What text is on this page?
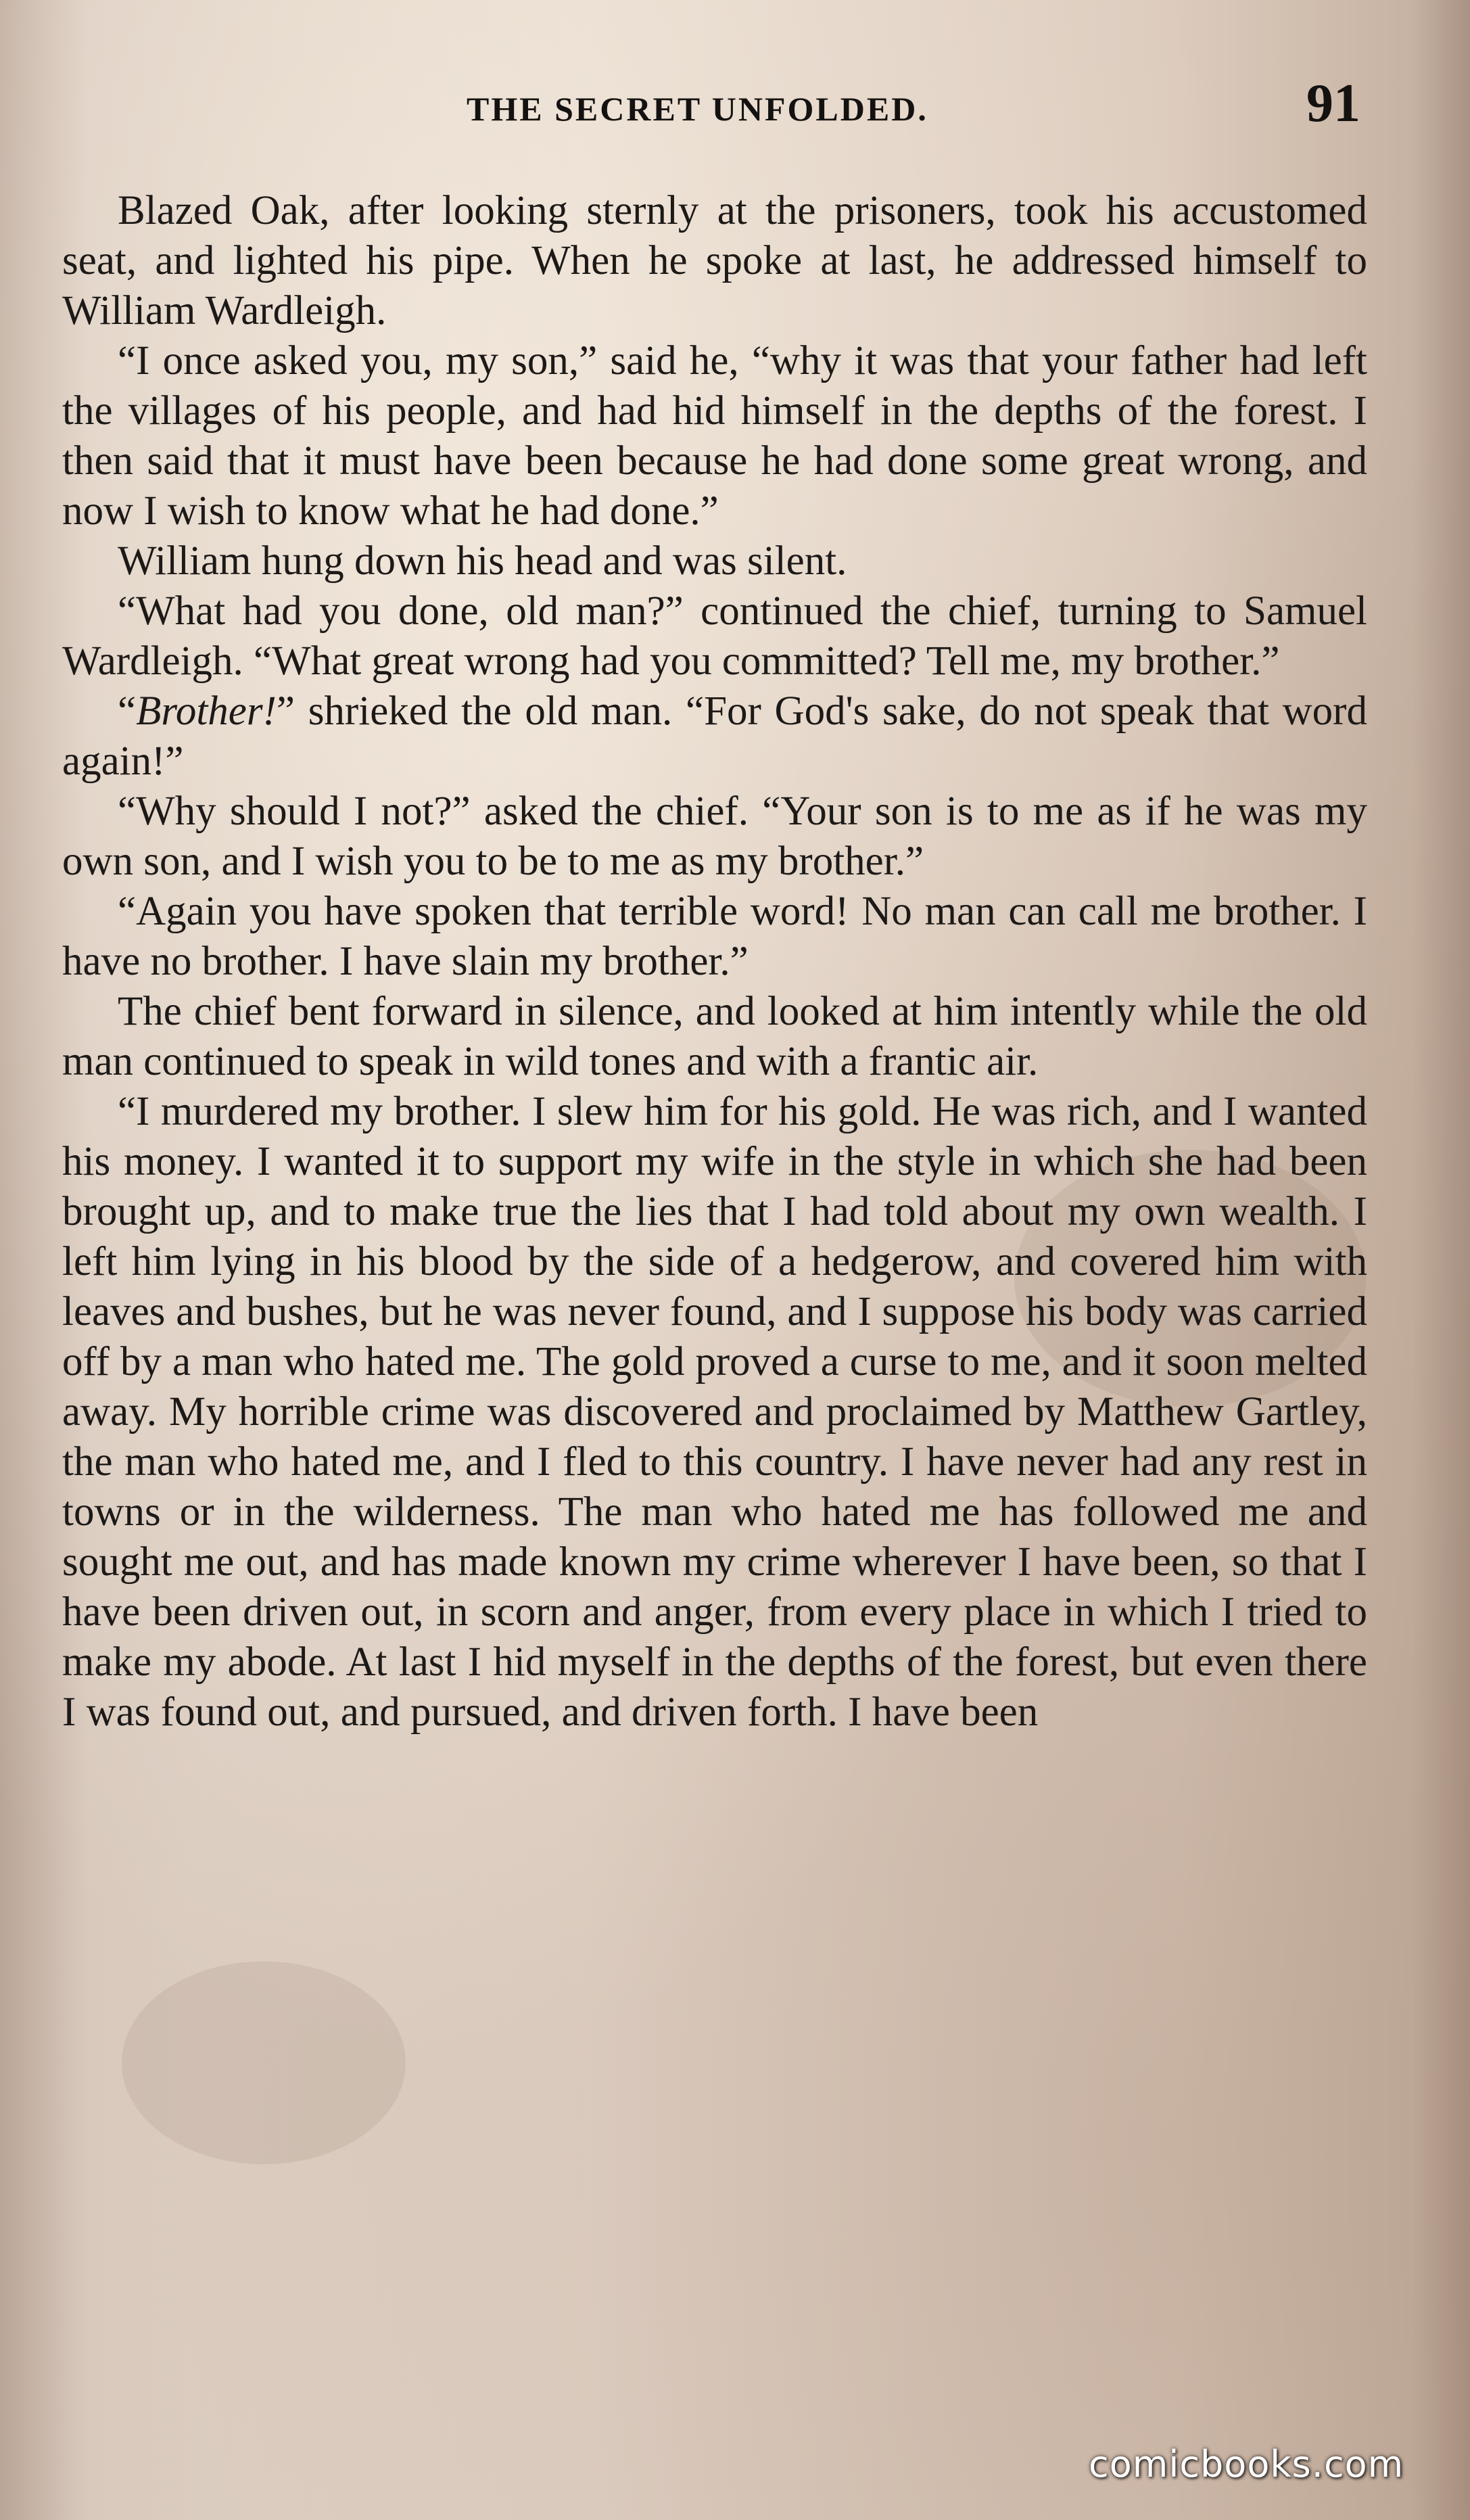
THE SECRET UNFOLDED.	91

Blazed Oak, after looking sternly at the prisoners, took his accustomed seat, and lighted his pipe. When he spoke at last, he addressed himself to William Wardleigh.

“I once asked you, my son,” said he, “why it was that your father had left the villages of his people, and had hid himself in the depths of the forest. I then said that it must have been because he had done some great wrong, and now I wish to know what he had done.”

William hung down his head and was silent.

“What had you done, old man?” continued the chief, turning to Samuel Wardleigh. “What great wrong had you committed? Tell me, my brother.”

“Brother!” shrieked the old man. “For God's sake, do not speak that word again!”

“Why should I not?” asked the chief. “Your son is to me as if he was my own son, and I wish you to be to me as my brother.”

“Again you have spoken that terrible word! No man can call me brother. I have no brother. I have slain my brother.”

The chief bent forward in silence, and looked at him intently while the old man continued to speak in wild tones and with a frantic air.

“I murdered my brother. I slew him for his gold. He was rich, and I wanted his money. I wanted it to support my wife in the style in which she had been brought up, and to make true the lies that I had told about my own wealth. I left him lying in his blood by the side of a hedgerow, and covered him with leaves and bushes, but he was never found, and I suppose his body was carried off by a man who hated me. The gold proved a curse to me, and it soon melted away. My horrible crime was discovered and proclaimed by Matthew Gartley, the man who hated me, and I fled to this country. I have never had any rest in towns or in the wilderness. The man who hated me has followed me and sought me out, and has made known my crime wherever I have been, so that I have been driven out, in scorn and anger, from every place in which I tried to make my abode. At last I hid myself in the depths of the forest, but even there I was found out, and pursued, and driven forth. I have been

comicbooks.com
